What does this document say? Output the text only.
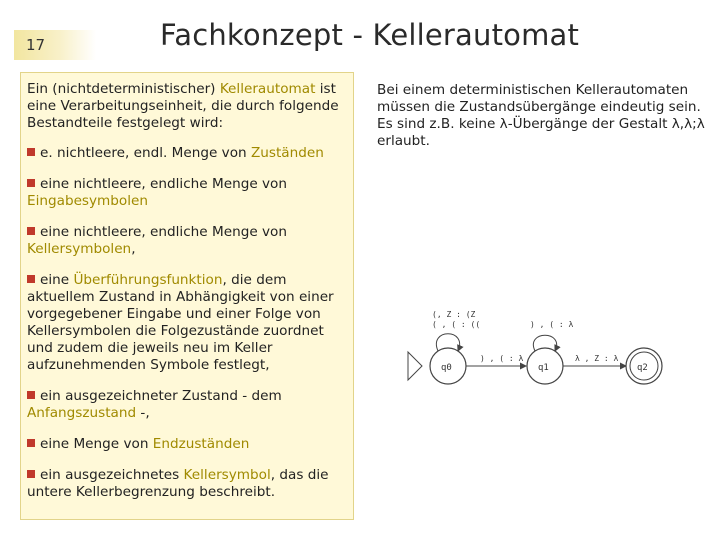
17	Fachkonzept - Kellerautomat

Ein (nichtdeterministischer) Kellerautomat ist eine Verarbeitungseinheit, die durch folgende Bestandteile festgelegt wird:

e. nichtleere, endl. Menge von Zuständen

eine nichtleere, endliche Menge von Eingabesymbolen

eine nichtleere, endliche Menge von Kellersymbolen,

eine Überführungsfunktion, die dem aktuellem Zustand in Abhängigkeit von einer vorgegebener Eingabe und einer Folge von Kellersymbolen die Folgezustände zuordnet und zudem die jeweils neu im Keller aufzunehmenden Symbole festlegt,

ein ausgezeichneter Zustand - dem Anfangszustand -,

eine Menge von Endzuständen

ein ausgezeichnetes Kellersymbol, das die untere Kellerbegrenzung beschreibt.

Bei einem deterministischen Kellerautomaten müssen die Zustandsübergänge eindeutig sein. Es sind z.B. keine λ-Übergänge der Gestalt λ,λ;λ erlaubt.
q0
(, Z : (Z
( , ( : ((
) , ( : λ
q1
) , ( : λ
λ , Z : λ
q2
